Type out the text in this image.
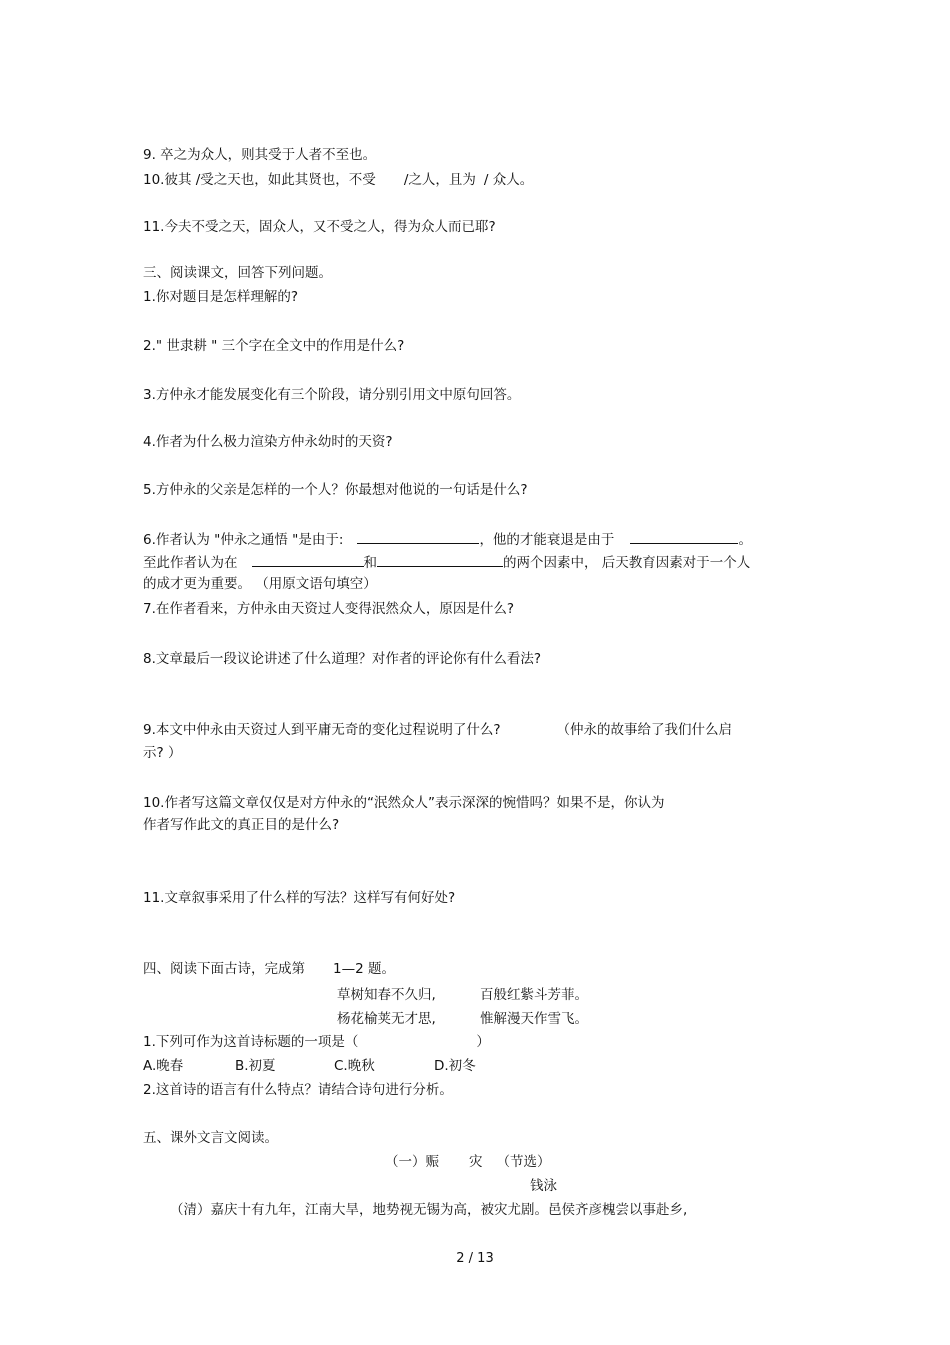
9. 卒之为众人，则其受于人者不至也。
10.彼其 /受之天也，如此其贤也，不受 /之人，且为 / 众人。
11.今夫不受之天，固众人，又不受之人，得为众人而已耶?
三、阅读课文，回答下列问题。
1.你对题目是怎样理解的?
2." 世隶耕 " 三个字在全文中的作用是什么?
3.方仲永才能发展变化有三个阶段，请分别引用文中原句回答。
4.作者为什么极力渲染方仲永幼时的天资?
5.方仲永的父亲是怎样的一个人？你最想对他说的一句话是什么?
6.作者认为 "仲永之通悟 "是由于:	，他的才能衰退是由于	。
至此作者认为在	和	的两个因素中， 后天教育因素对于一个人
的成才更为重要。 （用原文语句填空）
7.在作者看来，方仲永由天资过人变得泯然众人，原因是什么?
8.文章最后一段议论讲述了什么道理？对作者的评论你有什么看法?
9.本文中仲永由天资过人到平庸无奇的变化过程说明了什么?	（仲永的故事给了我们什么启
示? ）
10.作者写这篇文章仅仅是对方仲永的“泯然众人”表示深深的惋惜吗？如果不是，你认为
作者写作此文的真正目的是什么?
11.文章叙事采用了什么样的写法？这样写有何好处?
四、阅读下面古诗，完成第 1—2 题。
草树知春不久归,	百般红紫斗芳菲。
杨花榆荚无才思,	惟解漫天作雪飞。
1.下列可作为这首诗标题的一项是（	）
A.晚春	B.初夏	C.晚秋	D.初冬
2.这首诗的语言有什么特点？请结合诗句进行分析。
五、课外文言文阅读。
（一）赈 灾 （节选）
钱泳
（清）嘉庆十有九年，江南大旱，地势视无锡为高，被灾尤剧。邑侯齐彦槐尝以事赴乡,
2 / 13
